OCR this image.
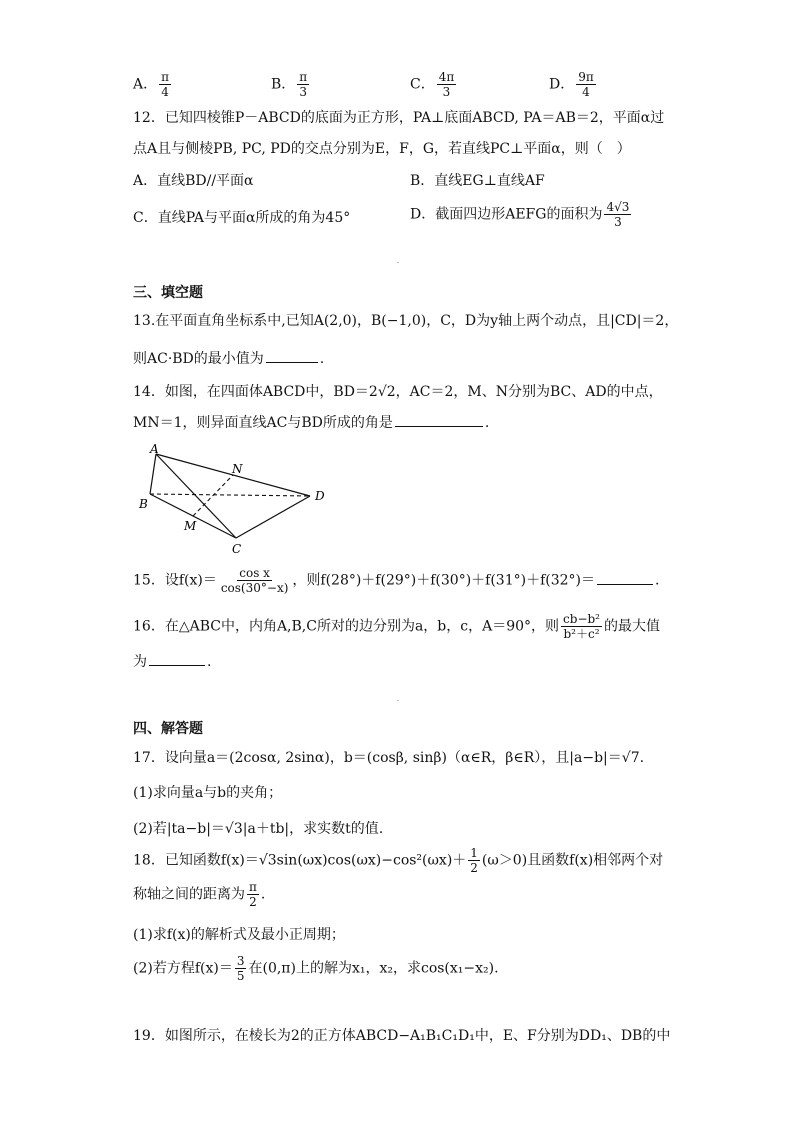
A． $\frac{\pi}{4}$	B． $\frac{\pi}{3}$	C． $\frac{4\pi}{3}$	D． $\frac{9\pi}{4}$
12．已知四棱锥P－ABCD的底面为正方形，PA⊥底面ABCD, PA＝AB＝2，平面α过
点A且与侧棱PB, PC, PD的交点分别为E，F，G，若直线PC⊥平面α，则（　）
A．直线BD//平面α	B．直线EG⊥直线AF
C．直线PA与平面α所成的角为45°	D．截面四边形AEFG的面积为 $\frac{4√3}{3}$
三、填空题
13.在平面直角坐标系中,已知A(2,0)，B(−1,0)，C，D为y轴上两个动点，且|CD|＝2，
则AC·BD的最小值为	.
14．如图，在四面体ABCD中，BD＝2√2，AC＝2，M、N分别为BC、AD的中点，
MN＝1，则异面直线AC与BD所成的角是	.
A
B
C
D
M
N
15．设$f(x)= \frac{\text{cos x}}{\cos(30^\circ-x)}$ ，则f(28°)＋f(29°)＋f(30°)＋f(31°)＋f(32°)＝	.
16．在△ABC中，内角A,B,C所对的边分别为a，b，c，A＝90°，则 $\frac{\text{cb−b²}}{\text{b²＋c²}}$ 的最大值
为	.
四、解答题
17．设向量a＝(2cosα, 2sinα)，b＝(cosβ, sinβ)（α∈R，β∈R），且|a−b|＝√7.
(1)求向量a与b的夹角；
(2)若|ta−b|＝√3|a＋tb|，求实数t的值.
18．已知函数$f(x)=√3\sin(\omega x)\cos(\omega x)-\cos^2(\omega x)+ \frac{1}{2} (\omega>0)$且函数f(x)相邻两个对
称轴之间的距离为 $\frac{\pi}{2}$ .
(1)求f(x)的解析式及最小正周期；
(2)若方程$f(x)= \frac{3}{5}$ 在(0,π)上的解为x₁，x₂，求cos(x₁−x₂).
19．如图所示，在棱长为2的正方体ABCD−A₁B₁C₁D₁中，E、F分别为DD₁、DB的中
